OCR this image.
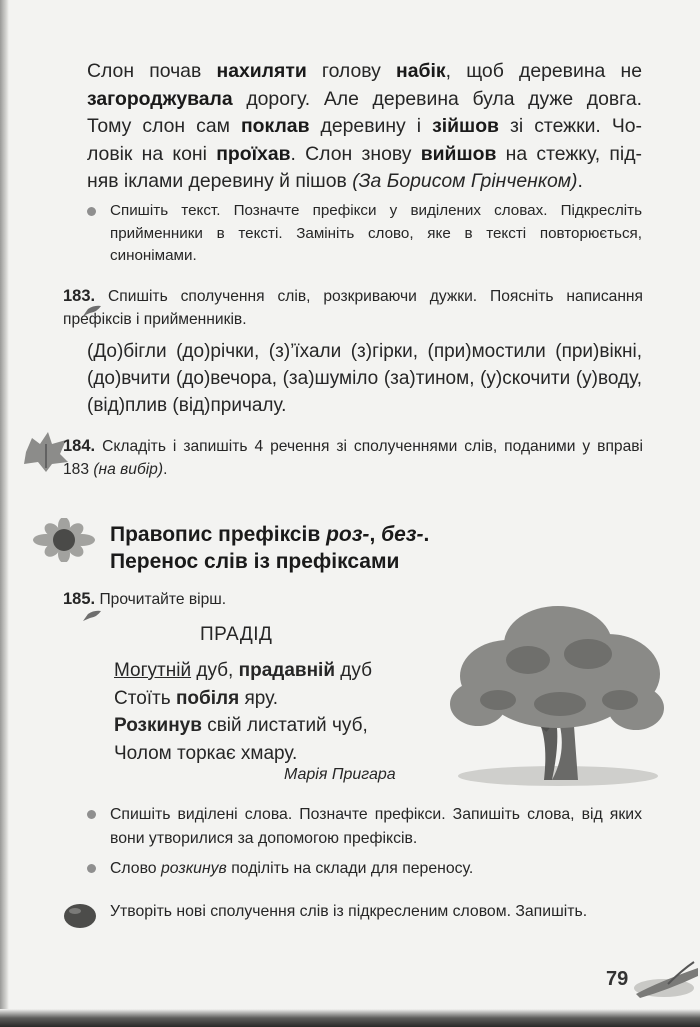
Слон почав нахиляти голову набік, щоб деревина не загороджувала дорогу. Але деревина була дуже довга. Тому слон сам поклав деревину і зійшов зі стежки. Чо- ловік на коні проїхав. Слон знову вийшов на стежку, під- няв іклами деревину й пішов (За Борисом Грінченком).
Спишіть текст. Позначте префікси у виділених словах. Підкресліть прийменники в тексті. Замініть слово, яке в тексті повторюється, синонімами.
183. Спишіть сполучення слів, розкриваючи дужки. Поясніть написання префіксів і прийменників.
(До)бігли (до)річки, (з)’їхали (з)гірки, (при)мостили (при)вікні, (до)вчити (до)вечора, (за)шуміло (за)тином, (у)скочити (у)воду, (від)плив (від)причалу.
184. Складіть і запишіть 4 речення зі сполученнями слів, поданими у вправі 183 (на вибір).
Правопис префіксів роз-, без-.
Перенос слів із префіксами
185. Прочитайте вірш.
ПРАДІД
Могутній дуб, прадавній дуб
Стоїть побіля яру.
Розкинув свій листатий чуб,
Чолом торкає хмару.
Марія Пригара
Спишіть виділені слова. Позначте префікси. Запишіть слова, від яких вони утворилися за допомогою префіксів.
Слово розкинув поділіть на склади для переносу.
Утворіть нові сполучення слів із підкресленим словом. Запишіть.
79
